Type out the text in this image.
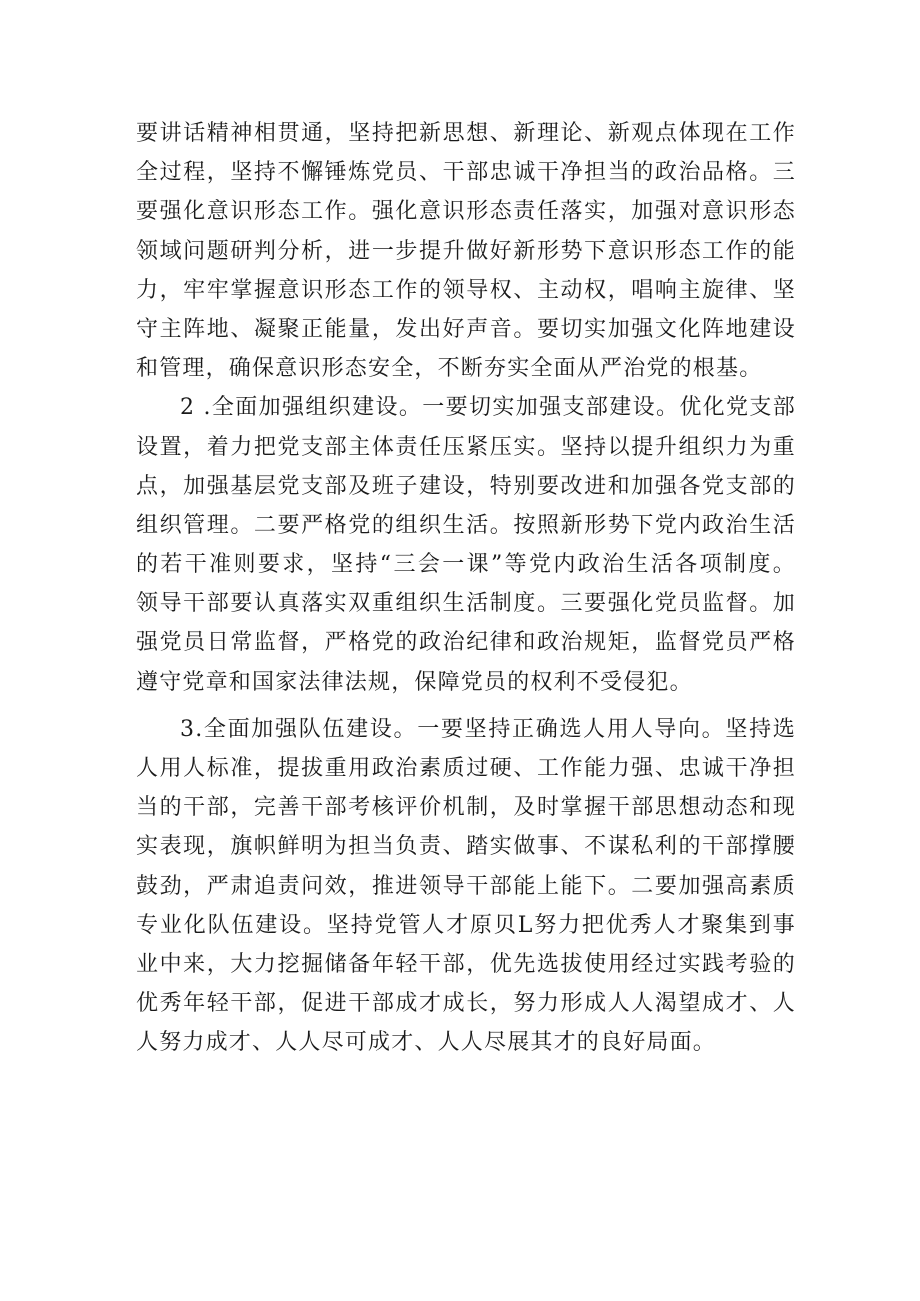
要讲话精神相贯通，坚持把新思想、新理论、新观点体现在工作
全过程，坚持不懈锤炼党员、干部忠诚干净担当的政治品格。三
要强化意识形态工作。强化意识形态责任落实，加强对意识形态
领域问题研判分析，进一步提升做好新形势下意识形态工作的能
力，牢牢掌握意识形态工作的领导权、主动权，唱响主旋律、坚
守主阵地、凝聚正能量，发出好声音。要切实加强文化阵地建设
和管理，确保意识形态安全，不断夯实全面从严治党的根基。
2 .全面加强组织建设。一要切实加强支部建设。优化党支部
设置，着力把党支部主体责任压紧压实。坚持以提升组织力为重
点，加强基层党支部及班子建设，特别要改进和加强各党支部的
组织管理。二要严格党的组织生活。按照新形势下党内政治生活
的若干准则要求，坚持“三会一课”等党内政治生活各项制度。
领导干部要认真落实双重组织生活制度。三要强化党员监督。加
强党员日常监督，严格党的政治纪律和政治规矩，监督党员严格
遵守党章和国家法律法规，保障党员的权利不受侵犯。
3.全面加强队伍建设。一要坚持正确选人用人导向。坚持选
人用人标准，提拔重用政治素质过硬、工作能力强、忠诚干净担
当的干部，完善干部考核评价机制，及时掌握干部思想动态和现
实表现，旗帜鲜明为担当负责、踏实做事、不谋私利的干部撑腰
鼓劲，严肃追责问效，推进领导干部能上能下。二要加强高素质
专业化队伍建设。坚持党管人才原贝L努力把优秀人才聚集到事
业中来，大力挖掘储备年轻干部，优先选拔使用经过实践考验的
优秀年轻干部，促进干部成才成长，努力形成人人渴望成才、人
人努力成才、人人尽可成才、人人尽展其才的良好局面。
